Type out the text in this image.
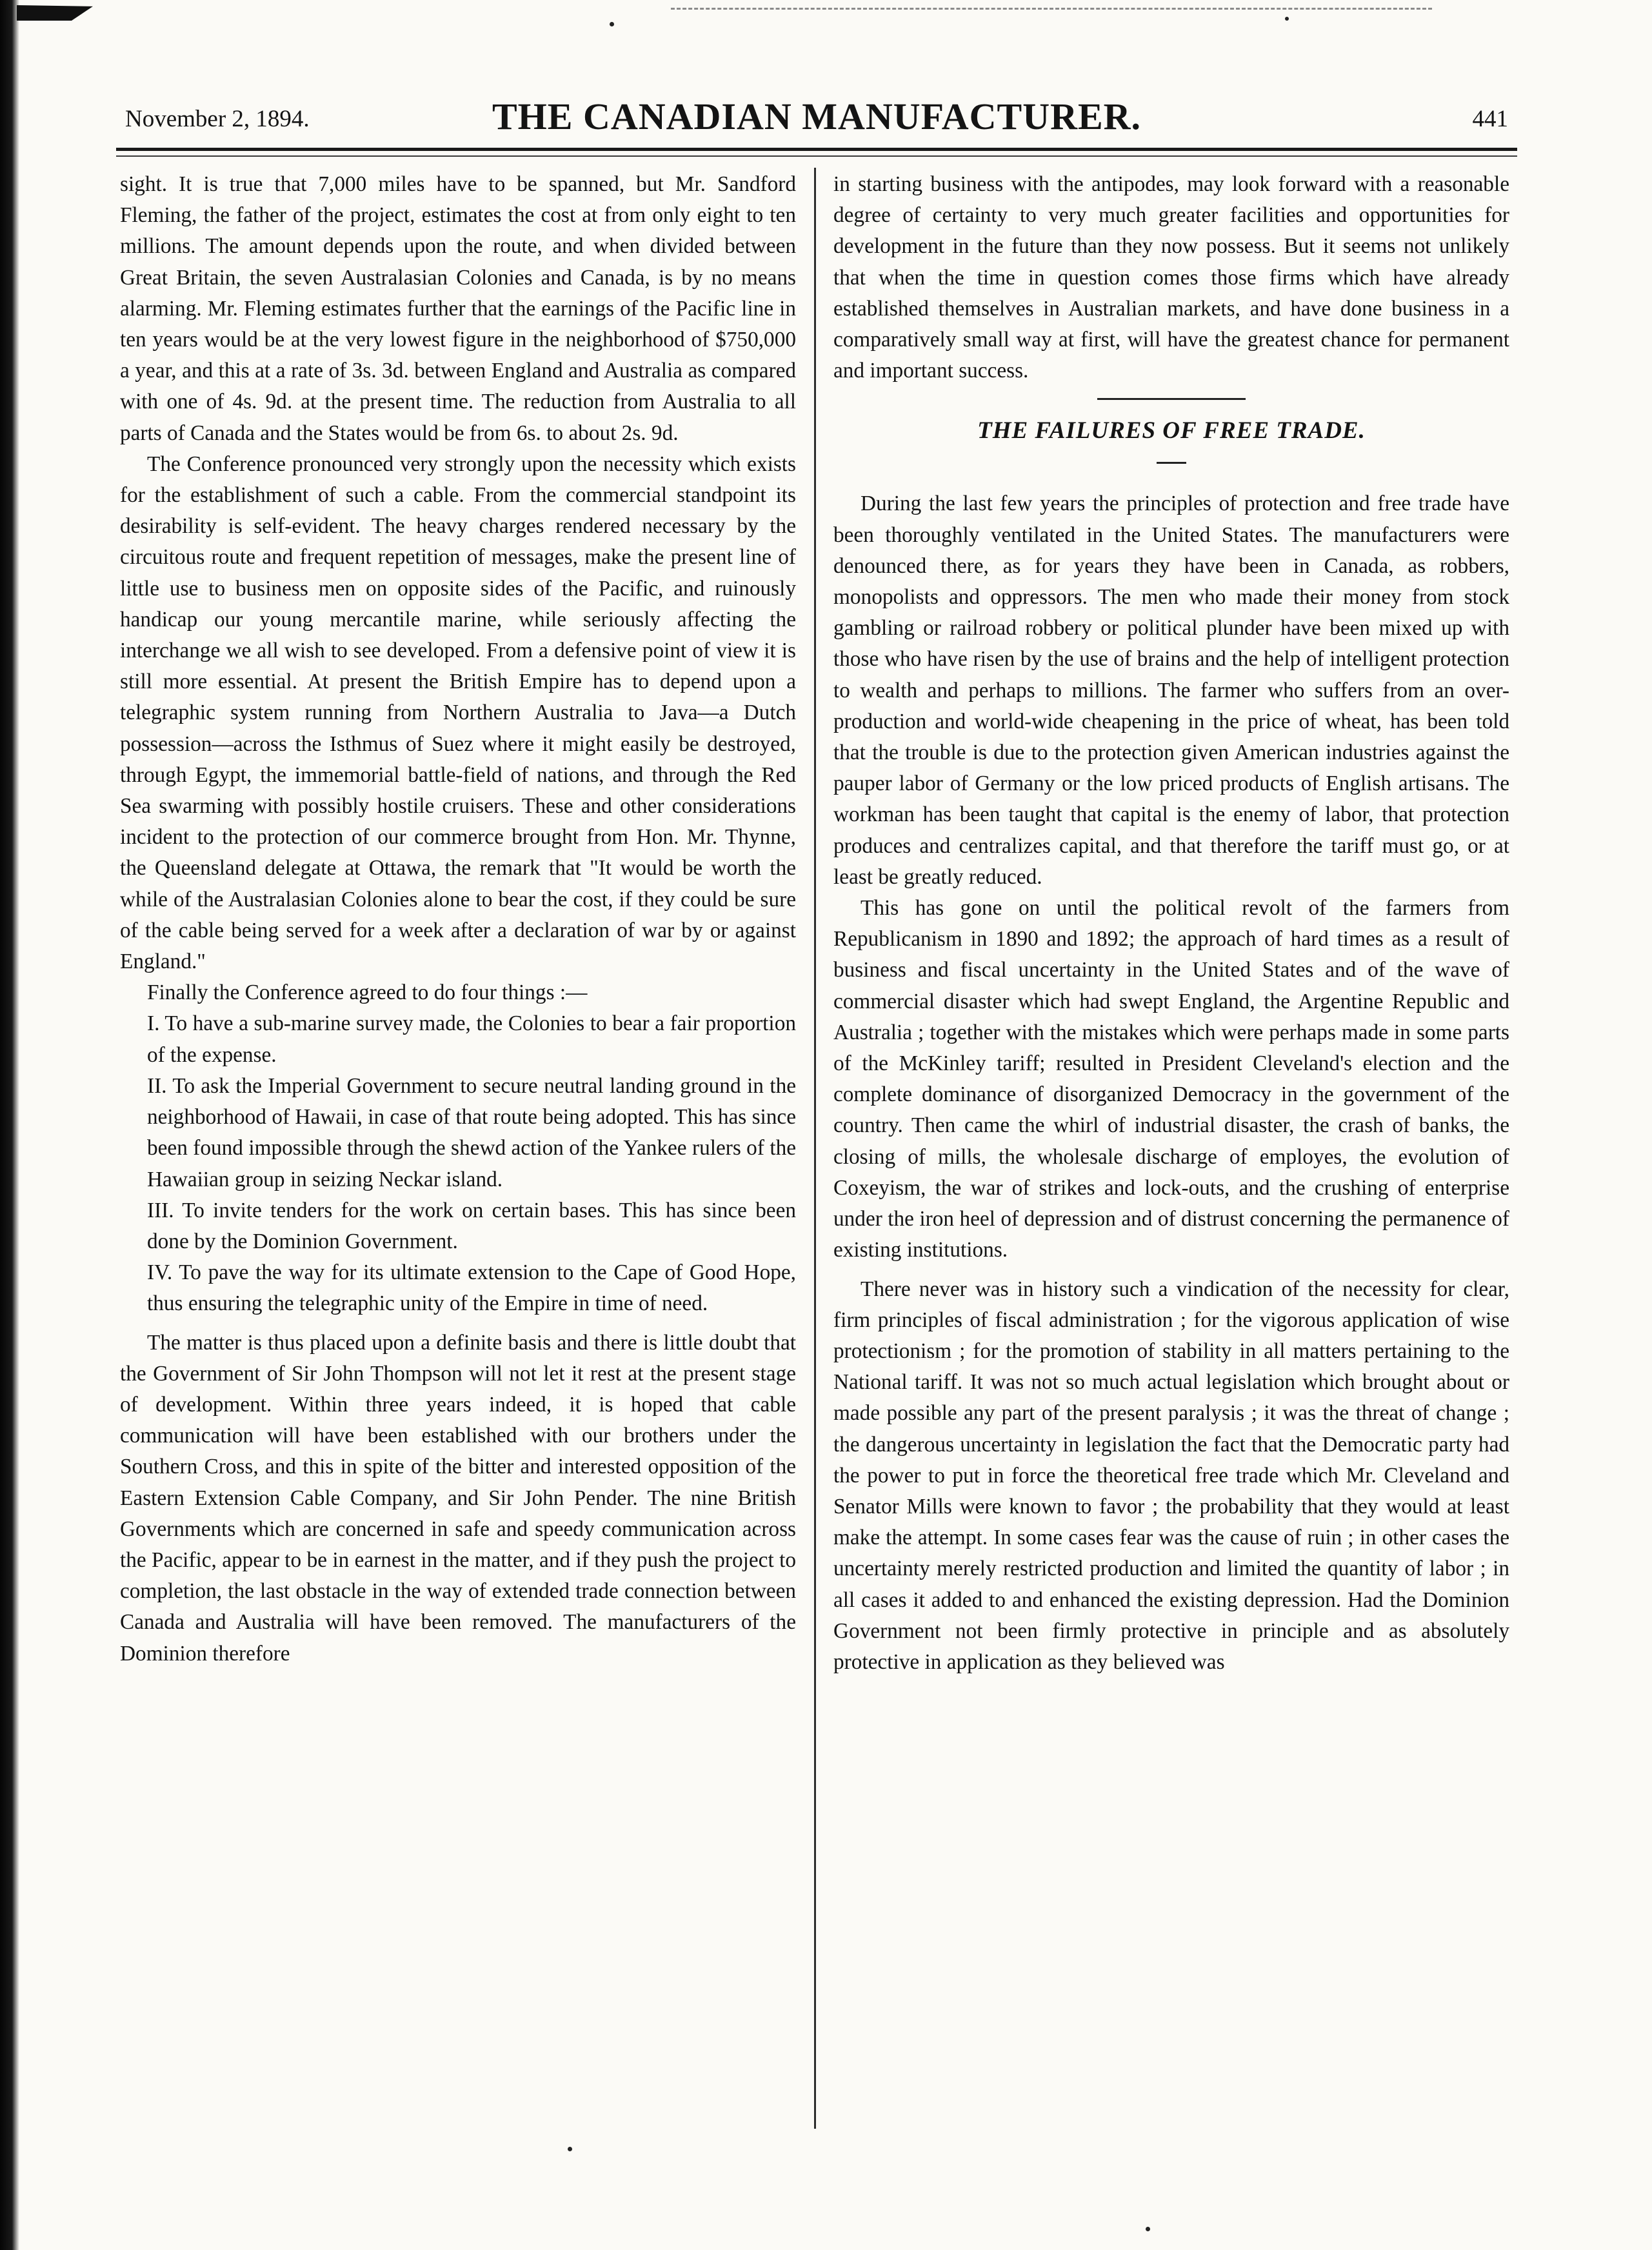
November 2, 1894.	THE CANADIAN MANUFACTURER.	441

sight. It is true that 7,000 miles have to be spanned, but Mr. Sandford Fleming, the father of the project, estimates the cost at from only eight to ten millions. The amount depends upon the route, and when divided between Great Britain, the seven Australasian Colonies and Canada, is by no means alarming. Mr. Fleming estimates further that the earnings of the Pacific line in ten years would be at the very lowest figure in the neighborhood of $750,000 a year, and this at a rate of 3s. 3d. between England and Australia as compared with one of 4s. 9d. at the present time. The reduction from Australia to all parts of Canada and the States would be from 6s. to about 2s. 9d.

The Conference pronounced very strongly upon the necessity which exists for the establishment of such a cable. From the commercial standpoint its desirability is self-evident. The heavy charges rendered necessary by the circuitous route and frequent repetition of messages, make the present line of little use to business men on opposite sides of the Pacific, and ruinously handicap our young mercantile marine, while seriously affecting the interchange we all wish to see developed. From a defensive point of view it is still more essential. At present the British Empire has to depend upon a telegraphic system running from Northern Australia to Java—a Dutch possession—across the Isthmus of Suez where it might easily be destroyed, through Egypt, the immemorial battle-field of nations, and through the Red Sea swarming with possibly hostile cruisers. These and other considerations incident to the protection of our commerce brought from Hon. Mr. Thynne, the Queensland delegate at Ottawa, the remark that "It would be worth the while of the Australasian Colonies alone to bear the cost, if they could be sure of the cable being served for a week after a declaration of war by or against England."

Finally the Conference agreed to do four things :—

I. To have a sub-marine survey made, the Colonies to bear a fair proportion of the expense.

II. To ask the Imperial Government to secure neutral landing ground in the neighborhood of Hawaii, in case of that route being adopted. This has since been found impossible through the shewd action of the Yankee rulers of the Hawaiian group in seizing Neckar island.

III. To invite tenders for the work on certain bases. This has since been done by the Dominion Government.

IV. To pave the way for its ultimate extension to the Cape of Good Hope, thus ensuring the telegraphic unity of the Empire in time of need.

The matter is thus placed upon a definite basis and there is little doubt that the Government of Sir John Thompson will not let it rest at the present stage of development. Within three years indeed, it is hoped that cable communication will have been established with our brothers under the Southern Cross, and this in spite of the bitter and interested opposition of the Eastern Extension Cable Company, and Sir John Pender. The nine British Governments which are concerned in safe and speedy communication across the Pacific, appear to be in earnest in the matter, and if they push the project to completion, the last obstacle in the way of extended trade connection between Canada and Australia will have been removed. The manufacturers of the Dominion therefore

in starting business with the antipodes, may look forward with a reasonable degree of certainty to very much greater facilities and opportunities for development in the future than they now possess. But it seems not unlikely that when the time in question comes those firms which have already established themselves in Australian markets, and have done business in a comparatively small way at first, will have the greatest chance for permanent and important success.

THE FAILURES OF FREE TRADE.

During the last few years the principles of protection and free trade have been thoroughly ventilated in the United States. The manufacturers were denounced there, as for years they have been in Canada, as robbers, monopolists and oppressors. The men who made their money from stock gambling or railroad robbery or political plunder have been mixed up with those who have risen by the use of brains and the help of intelligent protection to wealth and perhaps to millions. The farmer who suffers from an over-production and world-wide cheapening in the price of wheat, has been told that the trouble is due to the protection given American industries against the pauper labor of Germany or the low priced products of English artisans. The workman has been taught that capital is the enemy of labor, that protection produces and centralizes capital, and that therefore the tariff must go, or at least be greatly reduced.

This has gone on until the political revolt of the farmers from Republicanism in 1890 and 1892; the approach of hard times as a result of business and fiscal uncertainty in the United States and of the wave of commercial disaster which had swept England, the Argentine Republic and Australia ; together with the mistakes which were perhaps made in some parts of the McKinley tariff; resulted in President Cleveland's election and the complete dominance of disorganized Democracy in the government of the country. Then came the whirl of industrial disaster, the crash of banks, the closing of mills, the wholesale discharge of employes, the evolution of Coxeyism, the war of strikes and lock-outs, and the crushing of enterprise under the iron heel of depression and of distrust concerning the permanence of existing institutions.

There never was in history such a vindication of the necessity for clear, firm principles of fiscal administration ; for the vigorous application of wise protectionism ; for the promotion of stability in all matters pertaining to the National tariff. It was not so much actual legislation which brought about or made possible any part of the present paralysis ; it was the threat of change ; the dangerous uncertainty in legislation the fact that the Democratic party had the power to put in force the theoretical free trade which Mr. Cleveland and Senator Mills were known to favor ; the probability that they would at least make the attempt. In some cases fear was the cause of ruin ; in other cases the uncertainty merely restricted production and limited the quantity of labor ; in all cases it added to and enhanced the existing depression. Had the Dominion Government not been firmly protective in principle and as absolutely protective in application as they believed was
